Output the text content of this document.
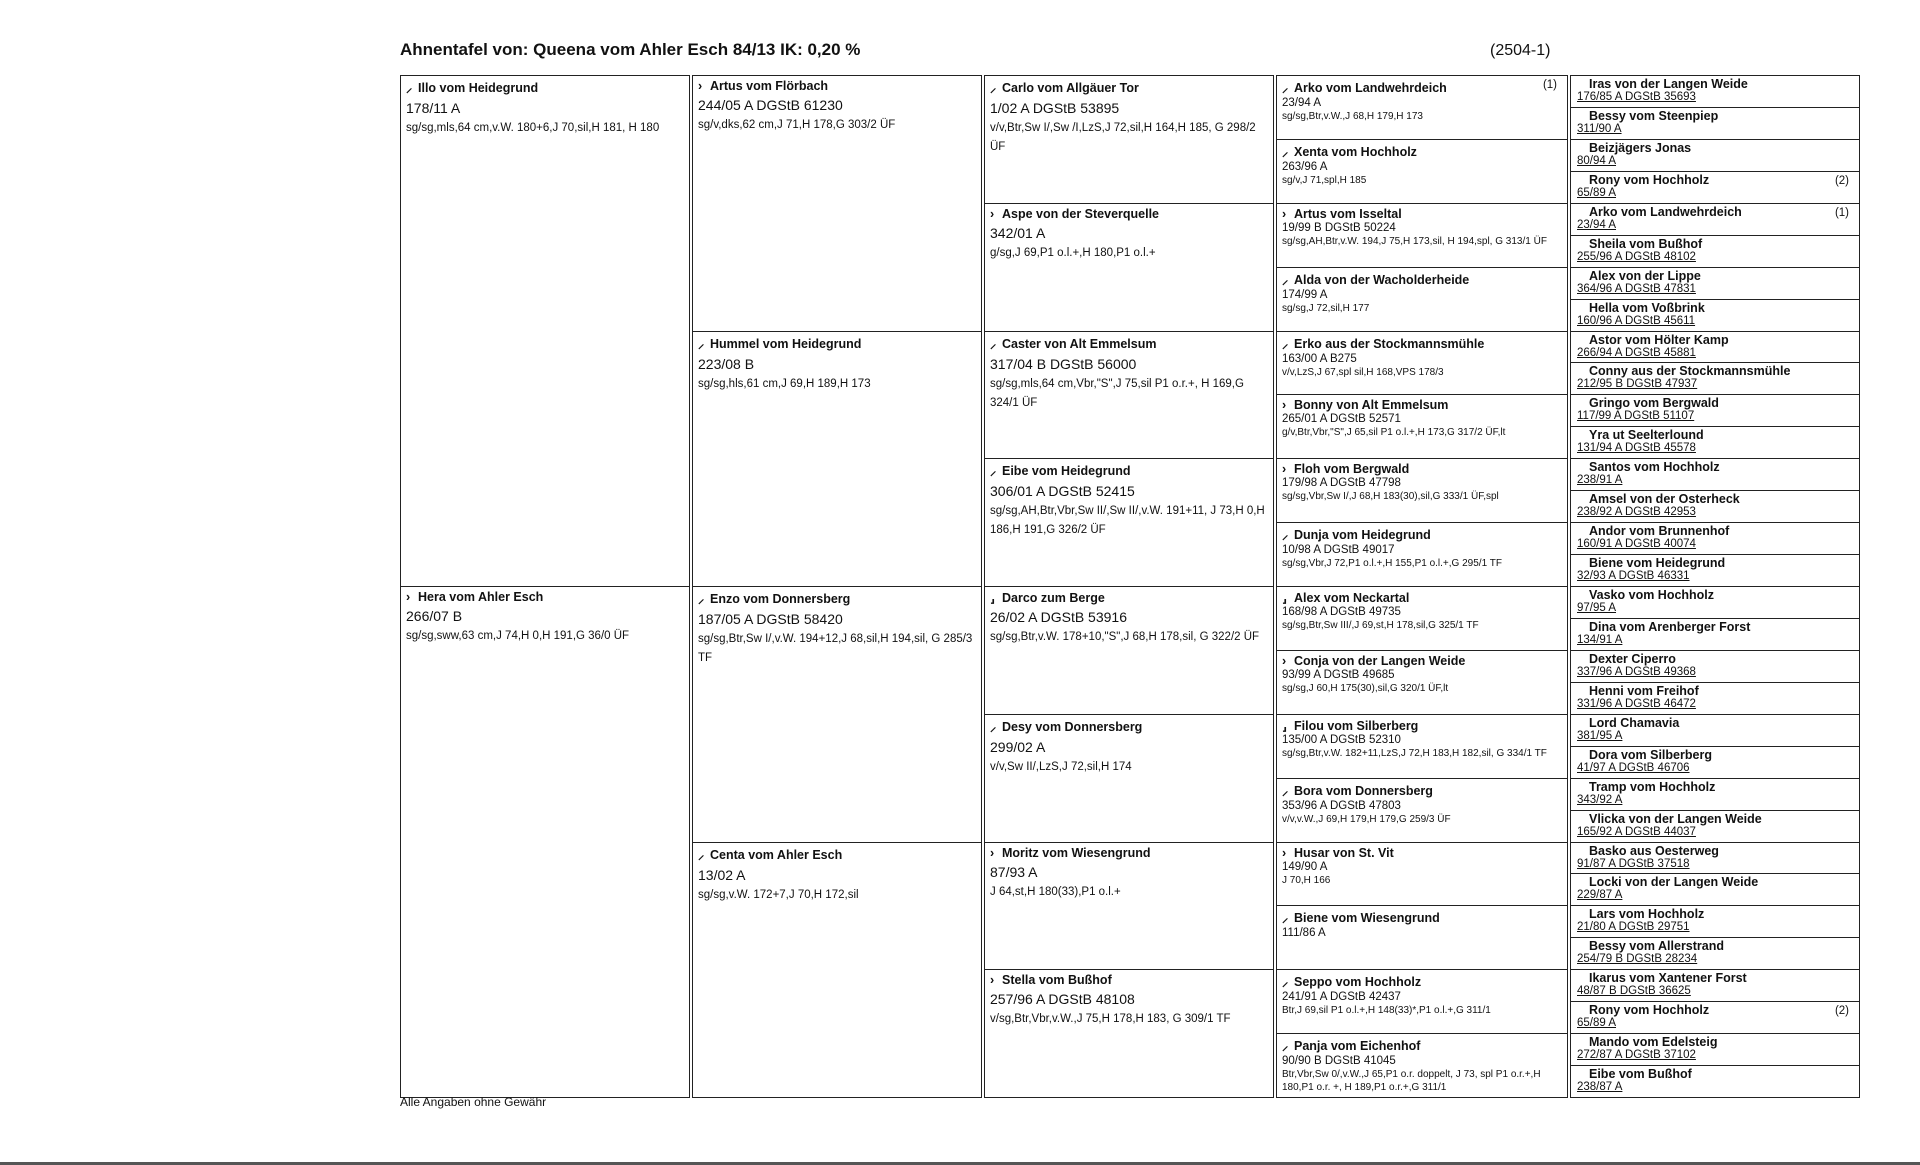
Ahnentafel von: Queena vom Ahler Esch 84/13 IK: 0,20 %	(2504-1)
⸝ Illo vom Heidegrund
178/11 A
sg/sg,mls,64 cm,v.W. 180+6,J 70,sil,H 181, H 180
› Hera vom Ahler Esch
266/07 B
sg/sg,sww,63 cm,J 74,H 0,H 191,G 36/0 ÜF
› Artus vom Flörbach
244/05 A DGStB 61230
sg/v,dks,62 cm,J 71,H 178,G 303/2 ÜF
⸝ Hummel vom Heidegrund
223/08 B
sg/sg,hls,61 cm,J 69,H 189,H 173
⸝ Enzo vom Donnersberg
187/05 A DGStB 58420
sg/sg,Btr,Sw I/,v.W. 194+12,J 68,sil,H 194,sil, G 285/3 TF
⸝ Centa vom Ahler Esch
13/02 A
sg/sg,v.W. 172+7,J 70,H 172,sil
⸝ Carlo vom Allgäuer Tor
1/02 A DGStB 53895
v/v,Btr,Sw I/,Sw /I,LzS,J 72,sil,H 164,H 185, G 298/2 ÜF
› Aspe von der Steverquelle
342/01 A
g/sg,J 69,P1 o.l.+,H 180,P1 o.l.+
⸝ Caster von Alt Emmelsum
317/04 B DGStB 56000
sg/sg,mls,64 cm,Vbr,"S",J 75,sil P1 o.r.+, H 169,G 324/1 ÜF
⸝ Eibe vom Heidegrund
306/01 A DGStB 52415
sg/sg,AH,Btr,Vbr,Sw II/,Sw II/,v.W. 191+11, J 73,H 0,H 186,H 191,G 326/2 ÜF
⸥ Darco zum Berge
26/02 A DGStB 53916
sg/sg,Btr,v.W. 178+10,"S",J 68,H 178,sil, G 322/2 ÜF
⸝ Desy vom Donnersberg
299/02 A
v/v,Sw II/,LzS,J 72,sil,H 174
› Moritz vom Wiesengrund
87/93 A
J 64,st,H 180(33),P1 o.l.+
› Stella vom Bußhof
257/96 A DGStB 48108
v/sg,Btr,Vbr,v.W.,J 75,H 178,H 183, G 309/1 TF
⸝ Arko vom Landwehrdeich	(1)
23/94 A
sg/sg,Btr,v.W.,J 68,H 179,H 173
⸝ Xenta vom Hochholz
263/96 A
sg/v,J 71,spl,H 185
› Artus vom Isseltal
19/99 B DGStB 50224
sg/sg,AH,Btr,v.W. 194,J 75,H 173,sil, H 194,spl, G 313/1 ÜF
⸝ Alda von der Wacholderheide
174/99 A
sg/sg,J 72,sil,H 177
⸝ Erko aus der Stockmannsmühle
163/00 A B275
v/v,LzS,J 67,spl sil,H 168,VPS 178/3
› Bonny von Alt Emmelsum
265/01 A DGStB 52571
g/v,Btr,Vbr,"S",J 65,sil P1 o.l.+,H 173,G 317/2 ÜF,lt
› Floh vom Bergwald
179/98 A DGStB 47798
sg/sg,Vbr,Sw I/,J 68,H 183(30),sil,G 333/1 ÜF,spl
⸝ Dunja vom Heidegrund
10/98 A DGStB 49017
sg/sg,Vbr,J 72,P1 o.l.+,H 155,P1 o.l.+,G 295/1 TF
⸥ Alex vom Neckartal
168/98 A DGStB 49735
sg/sg,Btr,Sw III/,J 69,st,H 178,sil,G 325/1 TF
› Conja von der Langen Weide
93/99 A DGStB 49685
sg/sg,J 60,H 175(30),sil,G 320/1 ÜF,lt
⸥ Filou vom Silberberg
135/00 A DGStB 52310
sg/sg,Btr,v.W. 182+11,LzS,J 72,H 183,H 182,sil, G 334/1 TF
⸝ Bora vom Donnersberg
353/96 A DGStB 47803
v/v,v.W.,J 69,H 179,H 179,G 259/3 ÜF
› Husar von St. Vit
149/90 A
J 70,H 166
⸝ Biene vom Wiesengrund
111/86 A
⸝ Seppo vom Hochholz
241/91 A DGStB 42437
Btr,J 69,sil P1 o.l.+,H 148(33)*,P1 o.l.+,G 311/1
⸝ Panja vom Eichenhof
90/90 B DGStB 41045
Btr,Vbr,Sw 0/,v.W.,J 65,P1 o.r. doppelt, J 73, spl P1 o.r.+,H 180,P1 o.r. +, H 189,P1 o.r.+,G 311/1
Iras von der Langen Weide
176/85 A DGStB 35693
Bessy vom Steenpiep
311/90 A
Beizjägers Jonas
80/94 A
Rony vom Hochholz	(2)
65/89 A
Arko vom Landwehrdeich	(1)
23/94 A
Sheila vom Bußhof
255/96 A DGStB 48102
Alex von der Lippe
364/96 A DGStB 47831
Hella vom Voßbrink
160/96 A DGStB 45611
Astor vom Hölter Kamp
266/94 A DGStB 45881
Conny aus der Stockmannsmühle
212/95 B DGStB 47937
Gringo vom Bergwald
117/99 A DGStB 51107
Yra ut Seelterlound
131/94 A DGStB 45578
Santos vom Hochholz
238/91 A
Amsel von der Osterheck
238/92 A DGStB 42953
Andor vom Brunnenhof
160/91 A DGStB 40074
Biene vom Heidegrund
32/93 A DGStB 46331
Vasko vom Hochholz
97/95 A
Dina vom Arenberger Forst
134/91 A
Dexter Ciperro
337/96 A DGStB 49368
Henni vom Freihof
331/96 A DGStB 46472
Lord Chamavia
381/95 A
Dora vom Silberberg
41/97 A DGStB 46706
Tramp vom Hochholz
343/92 A
Vlicka von der Langen Weide
165/92 A DGStB 44037
Basko aus Oesterweg
91/87 A DGStB 37518
Locki von der Langen Weide
229/87 A
Lars vom Hochholz
21/80 A DGStB 29751
Bessy vom Allerstrand
254/79 B DGStB 28234
Ikarus vom Xantener Forst
48/87 B DGStB 36625
Rony vom Hochholz	(2)
65/89 A
Mando vom Edelsteig
272/87 A DGStB 37102
Eibe vom Bußhof
238/87 A
Alle Angaben ohne Gewähr
